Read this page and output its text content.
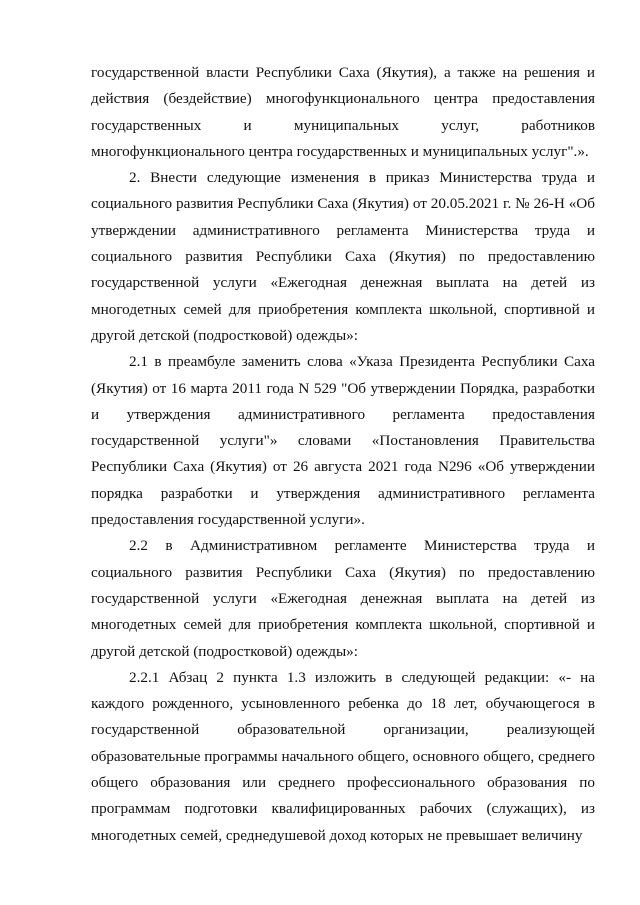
государственной власти Республики Саха (Якутия), а также на решения и действия (бездействие) многофункционального центра предоставления государственных и муниципальных услуг, работников многофункционального центра государственных и муниципальных услуг".».

2. Внести следующие изменения в приказ Министерства труда и социального развития Республики Саха (Якутия) от 20.05.2021 г. № 26-Н «Об утверждении административного регламента Министерства труда и социального развития Республики Саха (Якутия) по предоставлению государственной услуги «Ежегодная денежная выплата на детей из многодетных семей для приобретения комплекта школьной, спортивной и другой детской (подростковой) одежды»:

2.1 в преамбуле заменить слова «Указа Президента Республики Саха (Якутия) от 16 марта 2011 года N 529 "Об утверждении Порядка, разработки и утверждения административного регламента предоставления государственной услуги"» словами «Постановления Правительства Республики Саха (Якутия) от 26 августа 2021 года N296 «Об утверждении порядка разработки и утверждения административного регламента предоставления государственной услуги».

2.2 в Административном регламенте Министерства труда и социального развития Республики Саха (Якутия) по предоставлению государственной услуги «Ежегодная денежная выплата на детей из многодетных семей для приобретения комплекта школьной, спортивной и другой детской (подростковой) одежды»:

2.2.1 Абзац 2 пункта 1.3 изложить в следующей редакции: «- на каждого рожденного, усыновленного ребенка до 18 лет, обучающегося в государственной образовательной организации, реализующей образовательные программы начального общего, основного общего, среднего общего образования или среднего профессионального образования по программам подготовки квалифицированных рабочих (служащих), из многодетных семей, среднедушевой доход которых не превышает величину
